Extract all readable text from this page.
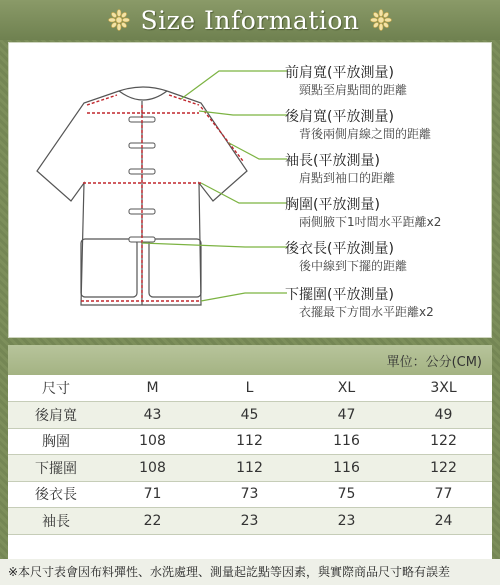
Size Information
前肩寬(平放測量)
頸點至肩點間的距離
後肩寬(平放測量)
背後兩側肩線之間的距離
袖長(平放測量)
肩點到袖口的距離
胸圍(平放測量)
兩側腋下1吋間水平距離x2
後衣長(平放測量)
後中線到下擺的距離
下擺圍(平放測量)
衣擺最下方間水平距離x2
單位：公分(CM)
尺寸	M	L	XL	3XL
後肩寬	43	45	47	49
胸圍	108	112	116	122
下擺圍	108	112	116	122
後衣長	71	73	75	77
袖長	22	23	23	24
※本尺寸表會因布料彈性、水洗處理、測量起訖點等因素，與實際商品尺寸略有誤差
